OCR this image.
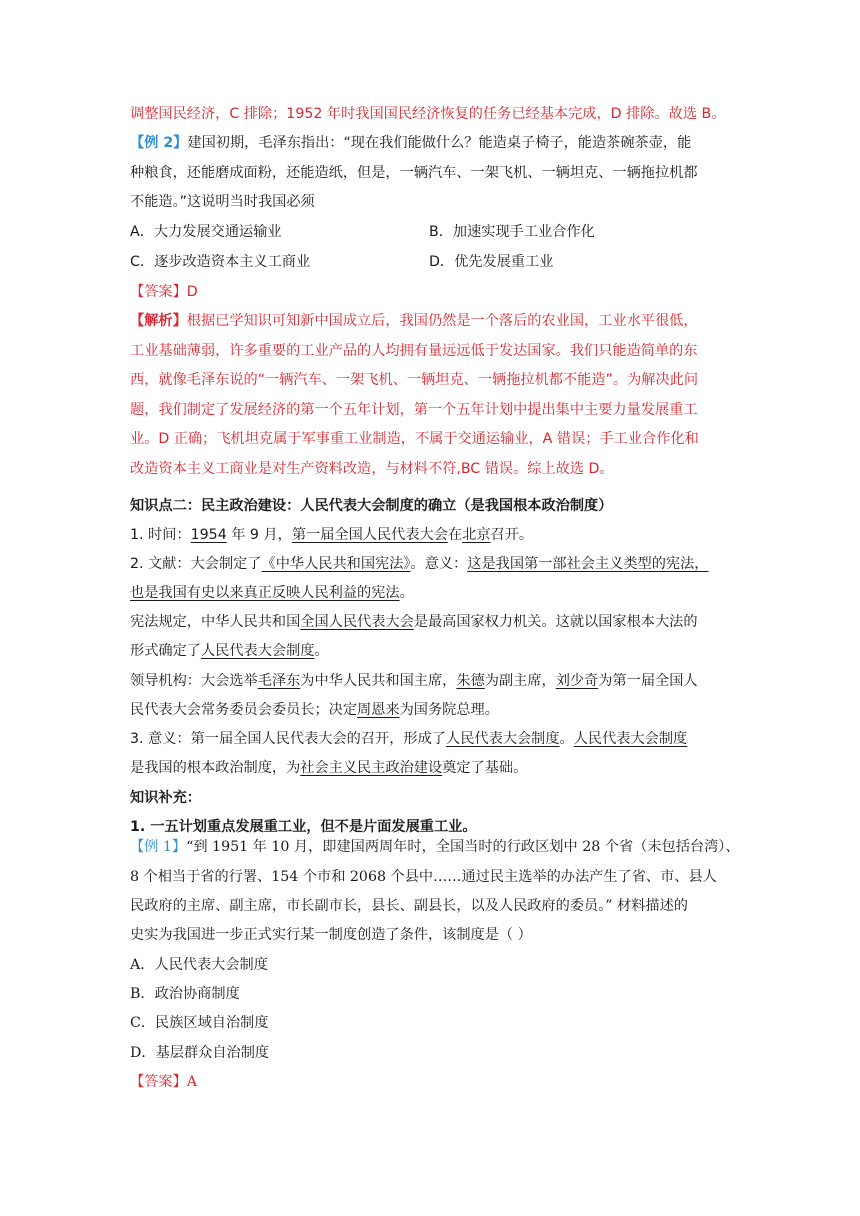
调整国民经济，C 排除；1952 年时我国国民经济恢复的任务已经基本完成，D 排除。故选 B。
【例 2】建国初期，毛泽东指出：“现在我们能做什么？能造桌子椅子，能造茶碗茶壶，能
种粮食，还能磨成面粉，还能造纸，但是，一辆汽车、一架飞机、一辆坦克、一辆拖拉机都
不能造。”这说明当时我国必须
A．大力发展交通运输业	B．加速实现手工业合作化
C．逐步改造资本主义工商业	D．优先发展重工业
【答案】D
【解析】根据已学知识可知新中国成立后，我国仍然是一个落后的农业国，工业水平很低，
工业基础薄弱，许多重要的工业产品的人均拥有量远远低于发达国家。我们只能造简单的东
西，就像毛泽东说的“一辆汽车、一架飞机、一辆坦克、一辆拖拉机都不能造”。为解决此问
题，我们制定了发展经济的第一个五年计划，第一个五年计划中提出集中主要力量发展重工
业。D 正确；飞机坦克属于军事重工业制造，不属于交通运输业，A 错误；手工业合作化和
改造资本主义工商业是对生产资料改造，与材料不符,BC 错误。综上故选 D。
知识点二：民主政治建设：人民代表大会制度的确立（是我国根本政治制度）
1. 时间：1954 年 9 月，第一届全国人民代表大会在北京召开。
2. 文献：大会制定了《中华人民共和国宪法》。意义：这是我国第一部社会主义类型的宪法，
也是我国有史以来真正反映人民利益的宪法。
宪法规定，中华人民共和国全国人民代表大会是最高国家权力机关。这就以国家根本大法的
形式确定了人民代表大会制度。
领导机构：大会选举毛泽东为中华人民共和国主席，朱德为副主席，刘少奇为第一届全国人
民代表大会常务委员会委员长；决定周恩来为国务院总理。
3. 意义：第一届全国人民代表大会的召开，形成了人民代表大会制度。人民代表大会制度
是我国的根本政治制度，为社会主义民主政治建设奠定了基础。
知识补充：
1. 一五计划重点发展重工业，但不是片面发展重工业。
【例 1】“到 1951 年 10 月，即建国两周年时，全国当时的行政区划中 28 个省（未包括台湾）、
8 个相当于省的行署、154 个市和 2068 个县中……通过民主选举的办法产生了省、市、县人
民政府的主席、副主席，市长副市长，县长、副县长，以及人民政府的委员。” 材料描述的
史实为我国进一步正式实行某一制度创造了条件，该制度是（ ）
A．人民代表大会制度
B．政治协商制度
C．民族区域自治制度
D．基层群众自治制度
【答案】A
